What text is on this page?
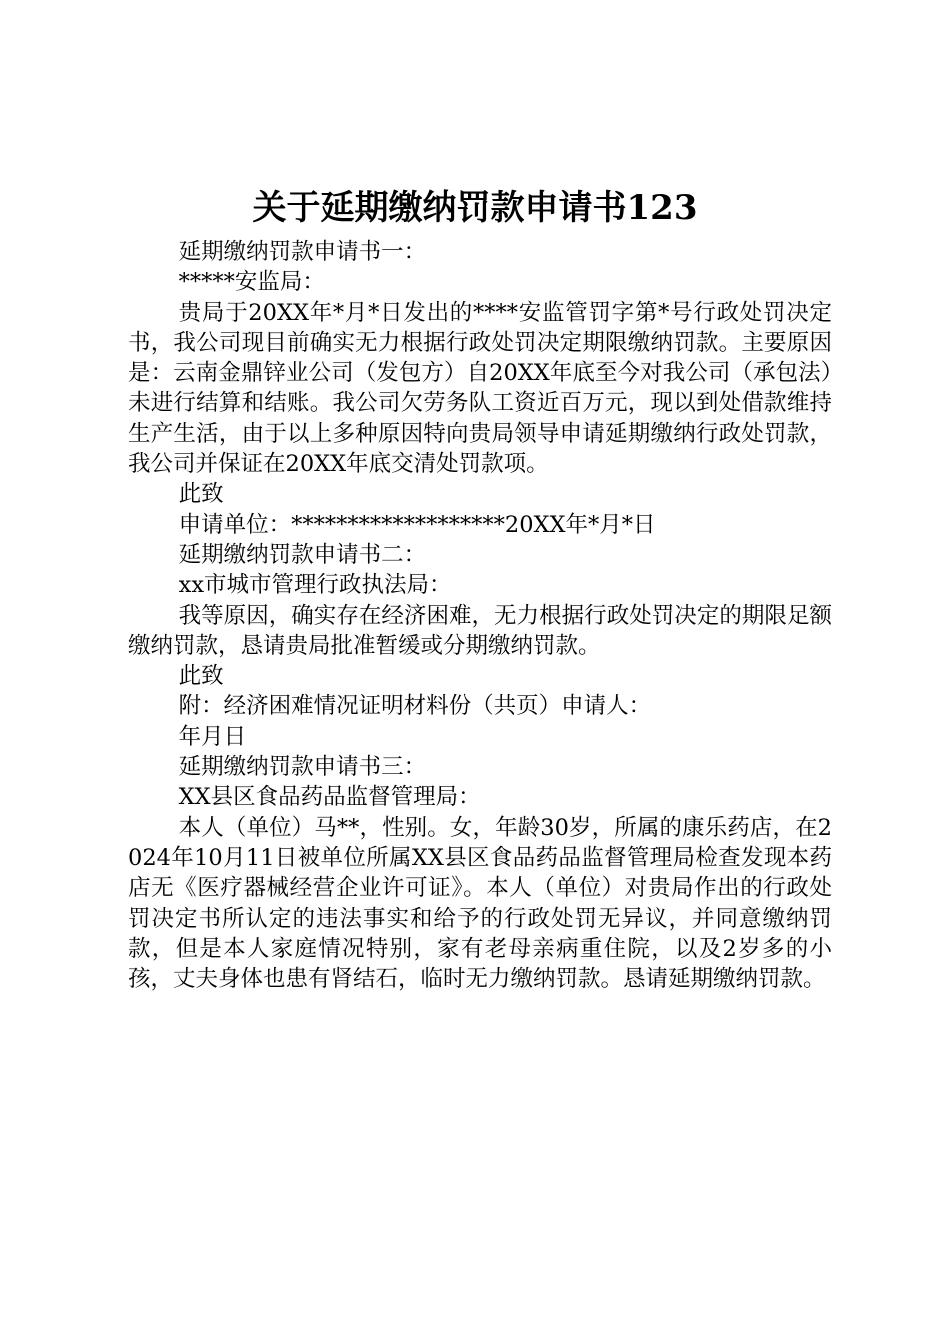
关于延期缴纳罚款申请书123

延期缴纳罚款申请书一：

*****安监局：

贵局于20XX年*月*日发出的****安监管罚字第*号行政处罚决定书，我公司现目前确实无力根据行政处罚决定期限缴纳罚款。主要原因是：云南金鼎锌业公司（发包方）自20XX年底至今对我公司（承包法）未进行结算和结账。我公司欠劳务队工资近百万元，现以到处借款维持生产生活，由于以上多种原因特向贵局领导申请延期缴纳行政处罚款，我公司并保证在20XX年底交清处罚款项。

此致

申请单位：*******************20XX年*月*日

延期缴纳罚款申请书二：

xx市城市管理行政执法局：

我等原因，确实存在经济困难，无力根据行政处罚决定的期限足额缴纳罚款，恳请贵局批准暂缓或分期缴纳罚款。

此致

附：经济困难情况证明材料份（共页）申请人：

年月日

延期缴纳罚款申请书三：

XX县区食品药品监督管理局：

本人（单位）马**，性别。女，年龄30岁，所属的康乐药店，在2024年10月11日被单位所属XX县区食品药品监督管理局检查发现本药店无《医疗器械经营企业许可证》。本人（单位）对贵局作出的行政处罚决定书所认定的违法事实和给予的行政处罚无异议，并同意缴纳罚款，但是本人家庭情况特别，家有老母亲病重住院，以及2岁多的小孩，丈夫身体也患有肾结石，临时无力缴纳罚款。恳请延期缴纳罚款。
